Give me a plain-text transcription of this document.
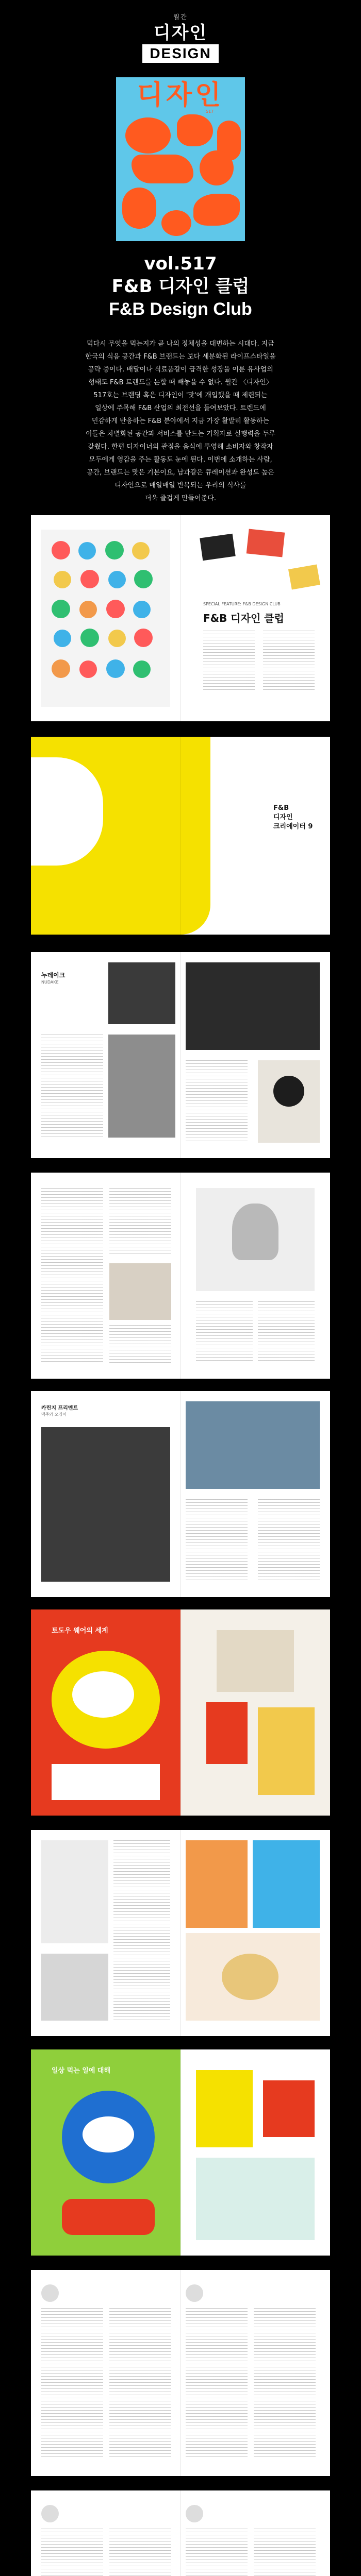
월간
디자인
DESIGN
디자인
517
vol.517
F&B 디자인 클럽
F&B Design Club

먹다시 무엇을 먹는지가 곧 나의 정체성을 대변하는 시대다. 지금

한국의 식음 공간과 F&B 브랜드는 보다 세분화된 라이프스타일을

공략 중이다. 배달이나 식료품같이 급격한 성장을 이룬 유사업의

형태도 F&B 트렌드를 논할 때 빼놓을 수 없다. 월간 〈디자인〉

517호는 브랜딩 혹은 디자인이 '맛'에 개입했을 때 제련되는

일상에 주목해 F&B 산업의 최전선을 들여보았다. 트렌드에

민감하게 반응하는 F&B 분야에서 지금 가장 활발히 활동하는

이들은 차별화된 공간과 서비스를 만드는 기획자로 실행력을 두루

갖췄다. 한편 디자이너의 관점을 음식에 투영해 소비자와 창작자

모두에게 영감을 주는 활동도 눈에 띈다. 이번에 소개하는 사람,

공간, 브랜드는 맛은 기본이요, 남과같은 큐레이션과 완성도 높은

디자인으로 매일매일 반복되는 우리의 식사를

더욱 즐겁게 만들어준다.

SPECIAL FEATURE: F&B DESIGN CLUB
F&B 디자인 클럽
F&B
디자인
크리에이터 9
누데이크
NUDAKE
카린지 프리멘트
맥주와 오징어
토도우 웨어의 세계
일상 먹는 일에 대해
